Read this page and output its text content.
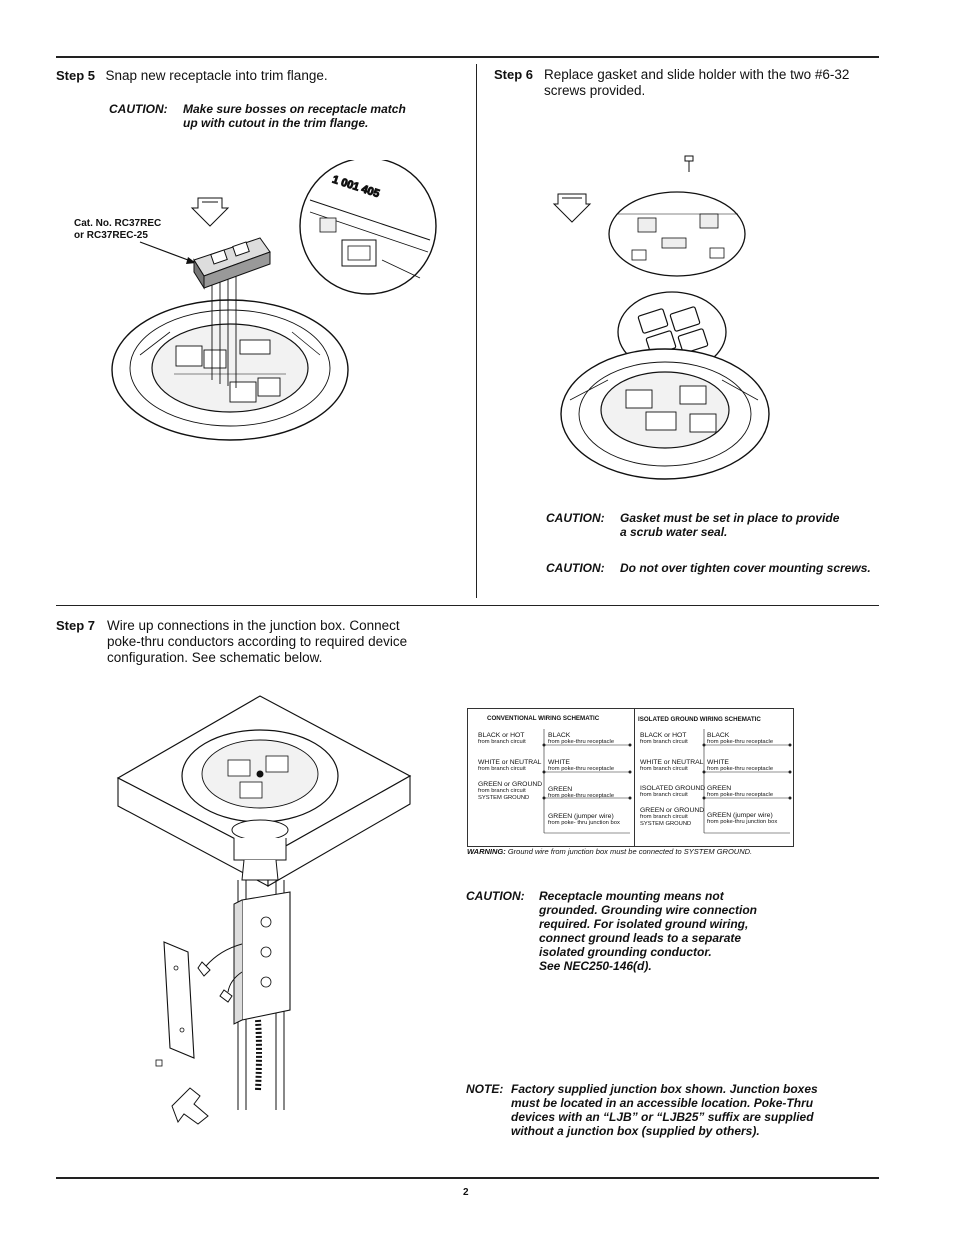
Step 5 Snap new receptacle into trim flange.
CAUTION: Make sure bosses on receptacle match
up with cutout in the trim flange.
Cat. No. RC37REC
or RC37REC-25
1 001 405
Step 6 Replace gasket and slide holder with the two #6-32
screws provided.
CAUTION: Gasket must be set in place to provide
a scrub water seal.
CAUTION: Do not over tighten cover mounting screws.
Step 7 Wire up connections in the junction box. Connect
poke-thru conductors according to required device
configuration. See schematic below.
CONVENTIONAL WIRING SCHEMATIC	ISOLATED GROUND WIRING SCHEMATIC
BLACK or HOT
from branch circuit
BLACK
from poke-thru receptacle
WHITE or NEUTRAL
from branch circuit
WHITE
from poke-thru receptacle
GREEN or GROUND
from branch circuit
SYSTEM GROUND
GREEN
from poke-thru receptacle
GREEN (jumper wire)
from poke- thru junction box
BLACK or HOT
from branch circuit
BLACK
from poke-thru receptacle
WHITE or NEUTRAL
from branch circuit
WHITE
from poke-thru receptacle
ISOLATED GROUND
from branch circuit
GREEN
from poke-thru receptacle
GREEN or GROUND
from branch circuit
SYSTEM GROUND
GREEN (jumper wire)
from poke-thru junction box
WARNING: Ground wire from junction box must be connected to SYSTEM GROUND.
CAUTION: Receptacle mounting means not
grounded. Grounding wire connection
required. For isolated ground wiring,
connect ground leads to a separate
isolated grounding conductor.
See NEC250-146(d).
NOTE: Factory supplied junction box shown. Junction boxes
must be located in an accessible location. Poke-Thru
devices with an “LJB” or “LJB25” suffix are supplied
without a junction box (supplied by others).
2
